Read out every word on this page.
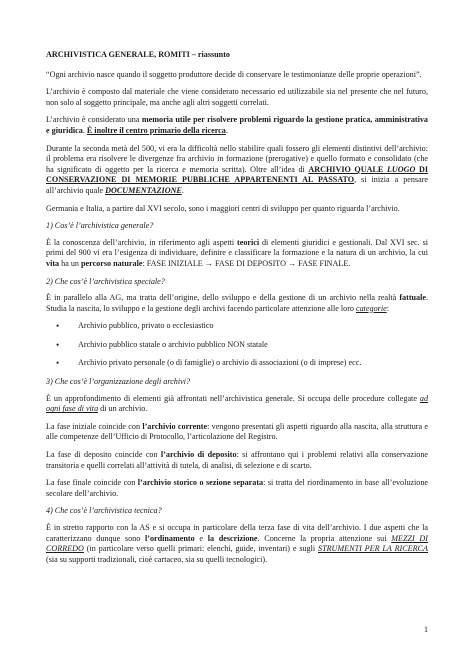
ARCHIVISTICA GENERALE, ROMITI – riassunto

“Ogni archivio nasce quando il soggetto produttore decide di conservare le testimonianze delle proprie operazioni”.

L’archivio è composto dal materiale che viene considerato necessario ed utilizzabile sia nel presente che nel futuro, non solo al soggetto principale, ma anche agli altri soggetti correlati.

L’archivio è considerato una memoria utile per risolvere problemi riguardo la gestione pratica, amministrativa e giuridica. È inoltre il centro primario della ricerca.

Durante la seconda metà del 500, vi era la difficoltà nello stabilire quali fossero gli elementi distintivi dell’archivio: il problema era risolvere le divergenze fra archivio in formazione (prerogative) e quello formato e consolidato (che ha significato di oggetto per la ricerca e memoria scritta). Oltre all’idea di ARCHIVIO QUALE LUOGO DI CONSERVAZIONE DI MEMORIE PUBBLICHE APPARTENENTI AL PASSATO, si inizia a pensare all’archivio quale DOCUMENTAZIONE.

Germania e Italia, a partire dal XVI secolo, sono i maggiori centri di sviluppo per quanto riguarda l’archivio.

1) Cos’è l’archivistica generale?

È la conoscenza dell’archivio, in riferimento agli aspetti teorici di elementi giuridici e gestionali. Dal XVI sec. si primi del 900 vi era l’esigenza di individuare, definire e classificare la formazione e la natura di un archivio, la cui vita ha un percorso naturale: FASE INIZIALE → FASE DI DEPOSITO → FASE FINALE.

2) Che cos’è l’archivistica speciale?

È in parallelo alla AG, ma tratta dell’origine, dello sviluppo e della gestione di un archivio nella realtà fattuale. Studia la nascita, lo sviluppo e la gestione degli archivi facendo particolare attenzione alle loro categorie:

• Archivio pubblico, privato o ecclesiastico
• Archivio pubblico statale o archivio pubblico NON statale
• Archivio privato personale (o di famiglie) o archivio di associazioni (o di imprese) ecc.

3) Che cos’è l’organizzazione degli archivi?

È un approfondimento di elementi già affrontati nell’archivistica generale. Si occupa delle procedure collegate ad ogni fase di vita di un archivio.

La fase iniziale coincide con l’archivio corrente: vengono presentati gli aspetti riguardo alla nascita, alla struttura e alle competenze dell’Ufficio di Protocollo, l’articolazione del Registro.

La fase di deposito coincide con l’archivio di deposito: si affrontano qui i problemi relativi alla conservazione transitoria e quelli correlati all’attività di tutela, di analisi, di selezione e di scarto.

La fase finale coincide con l’archivio storico o sezione separata: si tratta del riordinamento in base all’evoluzione secolare dell’archivio.

4) Che cos’è l’archivistica tecnica?

È in stretto rapporto con la AS e si occupa in particolare della terza fase di vita dell’archivio. I due aspetti che la caratterizzano dunque sono l’ordinamento e la descrizione. Concerne la propria attenzione sui MEZZI DI CORREDO (in particolare verso quelli primari: elenchi, guide, inventari) e sugli STRUMENTI PER LA RICERCA (sia su supporti tradizionali, cioè cartaceo, sia su quelli tecnologici).

1
